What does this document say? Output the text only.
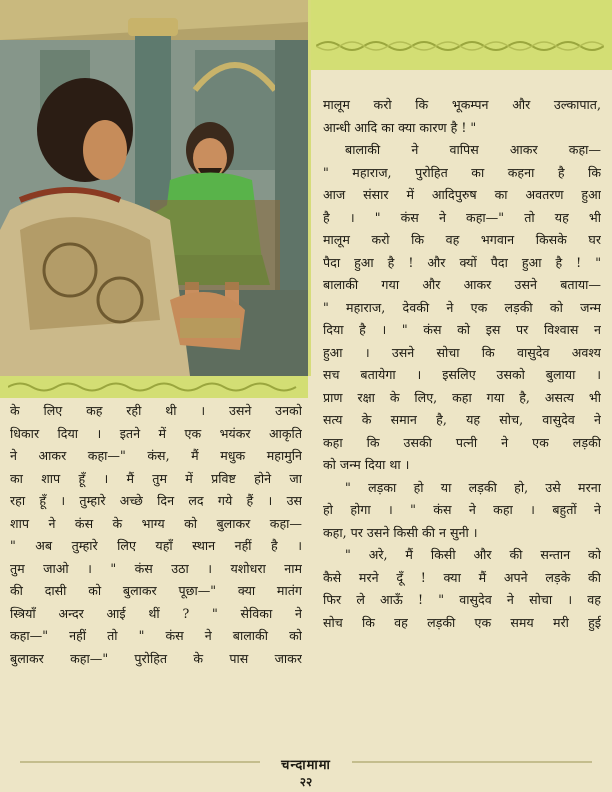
मालूम करो कि भूकम्पन और उल्कापात,
आन्धी आदि का क्या कारण है ! "
बालाकी ने वापिस आकर कहा—
" महाराज, पुरोहित का कहना है कि
आज संसार में आदिपुरुष का अवतरण हुआ
है । " कंस ने कहा—" तो यह भी
मालूम करो कि वह भगवान किसके घर
पैदा हुआ है ! और क्यों पैदा हुआ है ! "
बालाकी गया और आकर उसने बताया—
" महाराज, देवकी ने एक लड़की को जन्म
दिया है । " कंस को इस पर विश्वास न
हुआ । उसने सोचा कि वासुदेव अवश्य
सच बतायेगा । इसलिए उसको बुलाया ।
प्राण रक्षा के लिए, कहा गया है, असत्य भी
सत्य के समान है, यह सोच, वासुदेव ने
कहा कि उसकी पत्नी ने एक लड़की
को जन्म दिया था ।
" लड़का हो या लड़की हो, उसे मरना
हो होगा । " कंस ने कहा । बहुतों ने
कहा, पर उसने किसी की न सुनी ।
" अरे, मैं किसी और की सन्तान को
कैसे मरने दूँ ! क्या मैं अपने लड़के की
फिर ले आऊँ ! " वासुदेव ने सोचा । वह
सोच कि वह लड़की एक समय मरी हुई
के लिए कह रही थी । उसने उनको
धिकार दिया । इतने में एक भयंकर आकृति
ने आकर कहा—" कंस, मैं मधुक महामुनि
का शाप हूँ । मैं तुम में प्रविष्ट होने जा
रहा हूँ । तुम्हारे अच्छे दिन लद गये हैं । उस
शाप ने कंस के भाग्य को बुलाकर कहा—
" अब तुम्हारे लिए यहाँ स्थान नहीं है ।
तुम जाओ । " कंस उठा । यशोधरा नाम
की दासी को बुलाकर पूछा—" क्या मातंग
स्त्रियाँ अन्दर आई थीं ? " सेविका ने
कहा—" नहीं तो " कंस ने बालाकी को
बुलाकर कहा—" पुरोहित के पास जाकर
चन्दामामा
२२
